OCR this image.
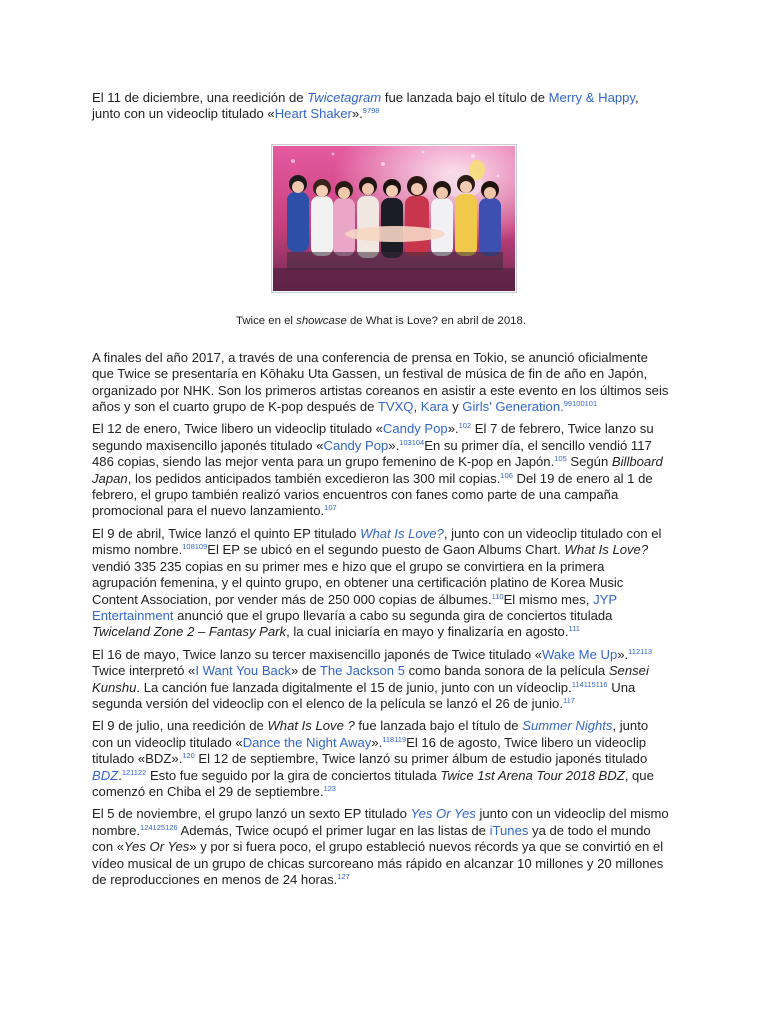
El 11 de diciembre, una reedición de Twicetagram fue lanzada bajo el título de Merry & Happy, junto con un videoclip titulado «Heart Shaker».$^{9798}$

Twice en el showcase de What is Love? en abril de 2018.

A finales del año 2017, a través de una conferencia de prensa en Tokio, se anunció oficialmente que Twice se presentaría en Kōhaku Uta Gassen, un festival de música de fin de año en Japón, organizado por NHK. Son los primeros artistas coreanos en asistir a este evento en los últimos seis años y son el cuarto grupo de K-pop después de TVXQ, Kara y Girls' Generation.$^{99100101}$

El 12 de enero, Twice libero un videoclip titulado «Candy Pop».$^{102}$ El 7 de febrero, Twice lanzo su segundo maxisencillo japonés titulado «Candy Pop».$^{103104}$En su primer día, el sencillo vendió 117 486 copias, siendo las mejor venta para un grupo femenino de K-pop en Japón.$^{105}$ Según Billboard Japan, los pedidos anticipados también excedieron las 300 mil copias.$^{106}$ Del 19 de enero al 1 de febrero, el grupo también realizó varios encuentros con fanes como parte de una campaña promocional para el nuevo lanzamiento.$^{107}$

El 9 de abril, Twice lanzó el quinto EP titulado What Is Love?, junto con un videoclip titulado con el mismo nombre.$^{108109}$El EP se ubicó en el segundo puesto de Gaon Albums Chart. What Is Love? vendió 335 235 copias en su primer mes e hizo que el grupo se convirtiera en la primera agrupación femenina, y el quinto grupo, en obtener una certificación platino de Korea Music Content Association, por vender más de 250 000 copias de álbumes.$^{110}$El mismo mes, JYP Entertainment anunció que el grupo llevaría a cabo su segunda gira de conciertos titulada Twiceland Zone 2 – Fantasy Park, la cual iniciaría en mayo y finalizaría en agosto.$^{111}$

El 16 de mayo, Twice lanzo su tercer maxisencillo japonés de Twice titulado «Wake Me Up».$^{112113}$ Twice interpretó «I Want You Back» de The Jackson 5 como banda sonora de la película Sensei Kunshu. La canción fue lanzada digitalmente el 15 de junio, junto con un vídeoclip.$^{114115116}$ Una segunda versión del videoclip con el elenco de la película se lanzó el 26 de junio.$^{117}$

El 9 de julio, una reedición de What Is Love ? fue lanzada bajo el título de Summer Nights, junto con un videoclip titulado «Dance the Night Away».$^{118119}$El 16 de agosto, Twice libero un videoclip titulado «BDZ».$^{120}$ El 12 de septiembre, Twice lanzó su primer álbum de estudio japonés titulado BDZ.$^{121122}$ Esto fue seguido por la gira de conciertos titulada Twice 1st Arena Tour 2018 BDZ, que comenzó en Chiba el 29 de septiembre.$^{123}$

El 5 de noviembre, el grupo lanzó un sexto EP titulado Yes Or Yes junto con un videoclip del mismo nombre.$^{124125126}$ Además, Twice ocupó el primer lugar en las listas de iTunes ya de todo el mundo con «Yes Or Yes» y por si fuera poco, el grupo estableció nuevos récords ya que se convirtió en el vídeo musical de un grupo de chicas surcoreano más rápido en alcanzar 10 millones y 20 millones de reproducciones en menos de 24 horas.$^{127}$
